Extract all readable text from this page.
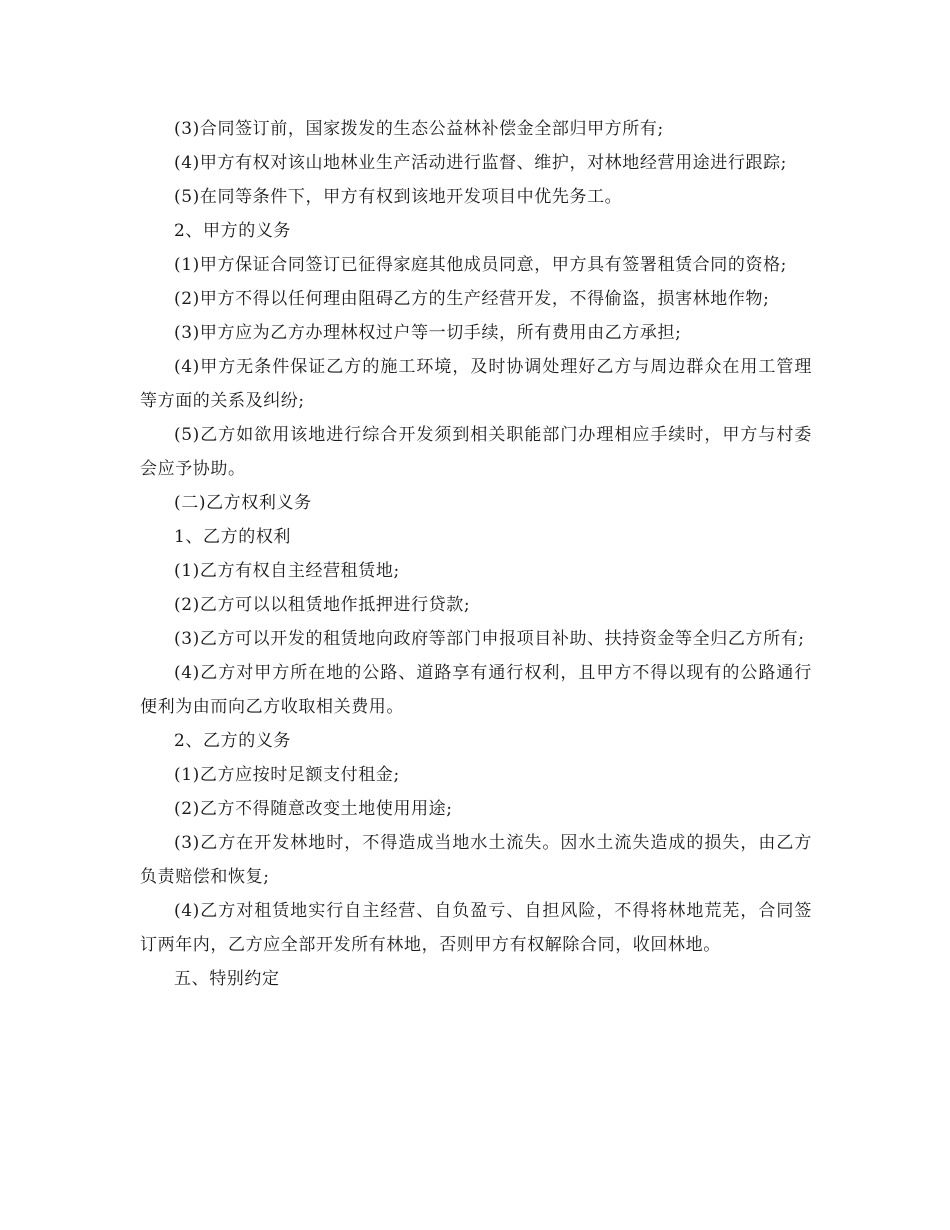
(3)合同签订前，国家拨发的生态公益林补偿金全部归甲方所有;

(4)甲方有权对该山地林业生产活动进行监督、维护，对林地经营用途进行跟踪;

(5)在同等条件下，甲方有权到该地开发项目中优先务工。

2、甲方的义务

(1)甲方保证合同签订已征得家庭其他成员同意，甲方具有签署租赁合同的资格;

(2)甲方不得以任何理由阻碍乙方的生产经营开发，不得偷盗，损害林地作物;

(3)甲方应为乙方办理林权过户等一切手续，所有费用由乙方承担;

(4)甲方无条件保证乙方的施工环境，及时协调处理好乙方与周边群众在用工管理等方面的关系及纠纷;

(5)乙方如欲用该地进行综合开发须到相关职能部门办理相应手续时，甲方与村委会应予协助。

(二)乙方权利义务

1、乙方的权利

(1)乙方有权自主经营租赁地;

(2)乙方可以以租赁地作抵押进行贷款;

(3)乙方可以开发的租赁地向政府等部门申报项目补助、扶持资金等全归乙方所有;

(4)乙方对甲方所在地的公路、道路享有通行权利，且甲方不得以现有的公路通行便利为由而向乙方收取相关费用。

2、乙方的义务

(1)乙方应按时足额支付租金;

(2)乙方不得随意改变土地使用用途;

(3)乙方在开发林地时，不得造成当地水土流失。因水土流失造成的损失，由乙方负责赔偿和恢复;

(4)乙方对租赁地实行自主经营、自负盈亏、自担风险，不得将林地荒芜，合同签订两年内，乙方应全部开发所有林地，否则甲方有权解除合同，收回林地。

五、特别约定
